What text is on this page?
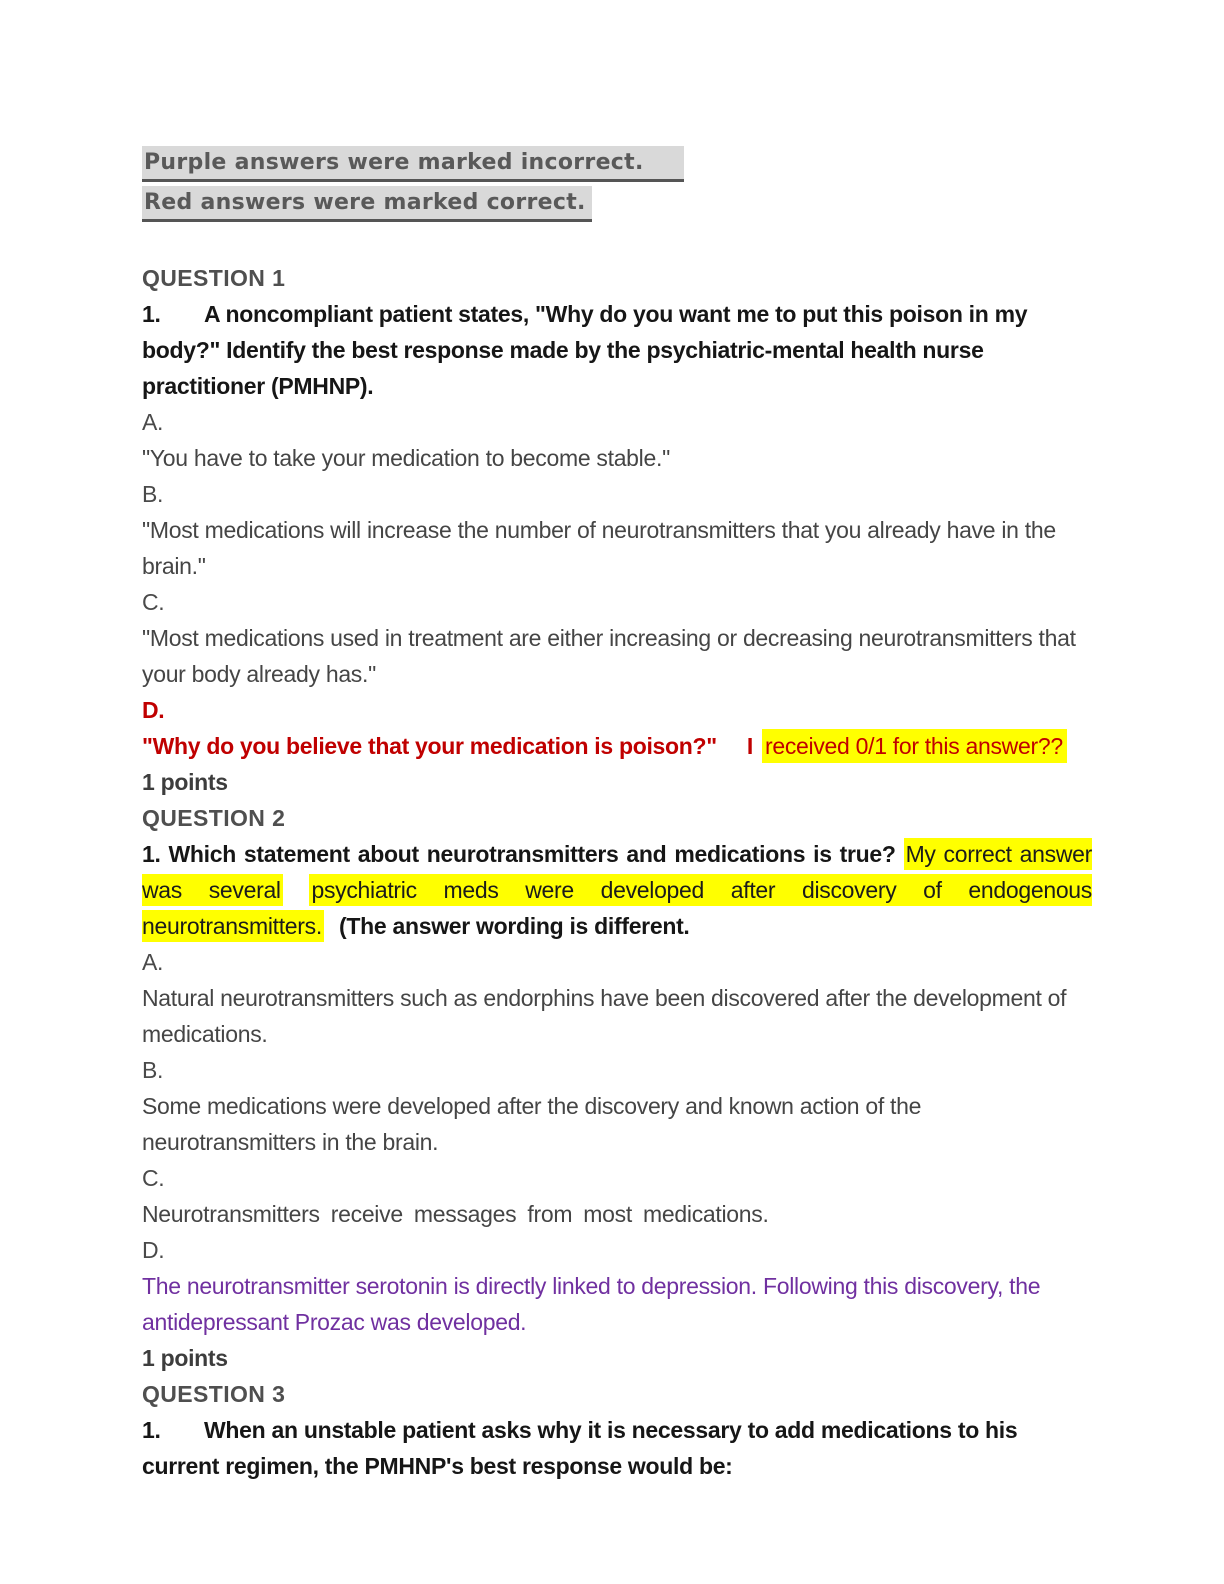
Purple answers were marked incorrect.
Red answers were marked correct.

QUESTION 1

1. A noncompliant patient states, "Why do you want me to put this poison in my body?" Identify the best response made by the psychiatric-mental health nurse practitioner (PMHNP).

A.

"You have to take your medication to become stable."

B.

"Most medications will increase the number of neurotransmitters that you already have in the brain."

C.

"Most medications used in treatment are either increasing or decreasing neurotransmitters that your body already has."

D.

"Why do you believe that your medication is poison?" I received 0/1 for this answer??

1 points

QUESTION 2

1. Which statement about neurotransmitters and medications is true? My correct answer was several psychiatric meds were developed after discovery of endogenous neurotransmitters. (The answer wording is different.

A.

Natural neurotransmitters such as endorphins have been discovered after the development of medications.

B.

Some medications were developed after the discovery and known action of the neurotransmitters in the brain.

C.

Neurotransmitters receive messages from most medications.

D.

The neurotransmitter serotonin is directly linked to depression. Following this discovery, the antidepressant Prozac was developed.

1 points

QUESTION 3

1. When an unstable patient asks why it is necessary to add medications to his current regimen, the PMHNP's best response would be:
